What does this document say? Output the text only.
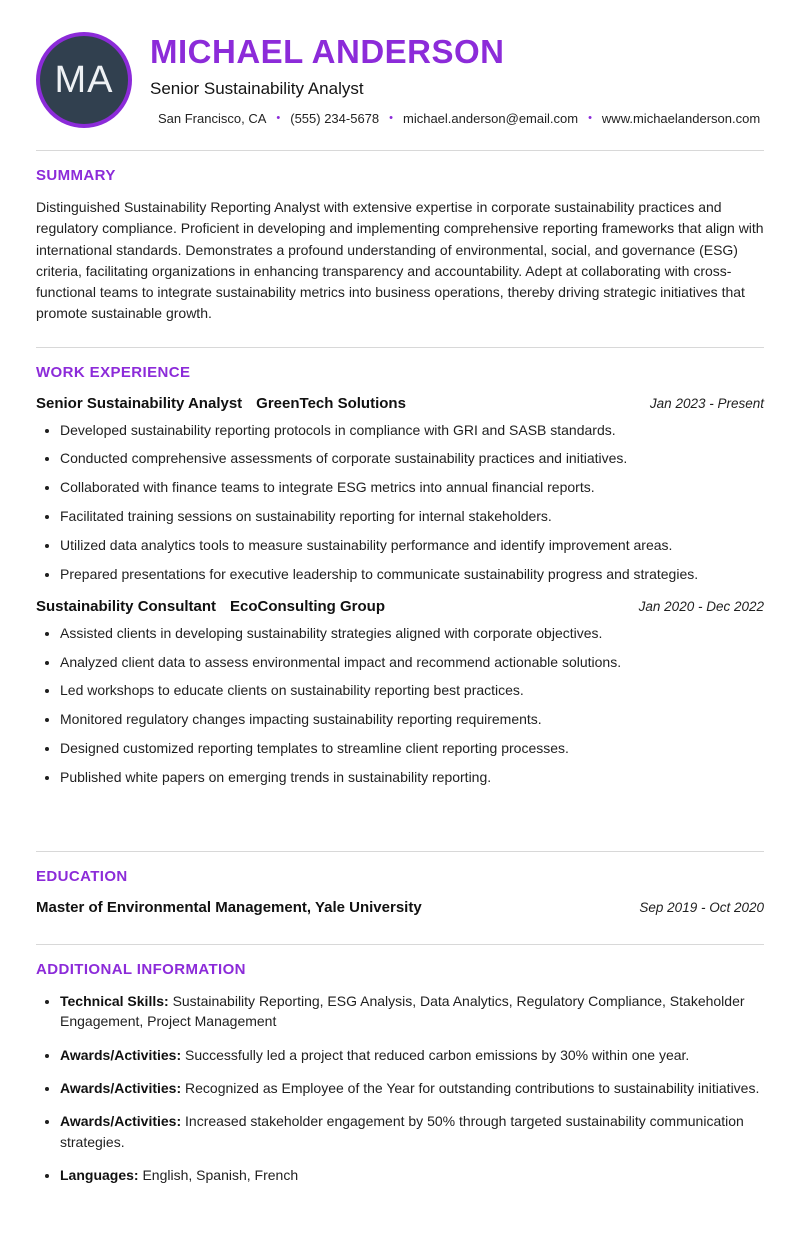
MA
MICHAEL ANDERSON
Senior Sustainability Analyst
San Francisco, CA • (555) 234-5678 • michael.anderson@email.com • www.michaelanderson.com
SUMMARY

Distinguished Sustainability Reporting Analyst with extensive expertise in corporate sustainability practices and regulatory compliance. Proficient in developing and implementing comprehensive reporting frameworks that align with international standards. Demonstrates a profound understanding of environmental, social, and governance (ESG) criteria, facilitating organizations in enhancing transparency and accountability. Adept at collaborating with cross-functional teams to integrate sustainability metrics into business operations, thereby driving strategic initiatives that promote sustainable growth.

WORK EXPERIENCE
Senior Sustainability Analyst GreenTech Solutions	Jan 2023 - Present
• Developed sustainability reporting protocols in compliance with GRI and SASB standards.
• Conducted comprehensive assessments of corporate sustainability practices and initiatives.
• Collaborated with finance teams to integrate ESG metrics into annual financial reports.
• Facilitated training sessions on sustainability reporting for internal stakeholders.
• Utilized data analytics tools to measure sustainability performance and identify improvement areas.
• Prepared presentations for executive leadership to communicate sustainability progress and strategies.
Sustainability Consultant EcoConsulting Group	Jan 2020 - Dec 2022
• Assisted clients in developing sustainability strategies aligned with corporate objectives.
• Analyzed client data to assess environmental impact and recommend actionable solutions.
• Led workshops to educate clients on sustainability reporting best practices.
• Monitored regulatory changes impacting sustainability reporting requirements.
• Designed customized reporting templates to streamline client reporting processes.
• Published white papers on emerging trends in sustainability reporting.
EDUCATION
Master of Environmental Management, Yale University	Sep 2019 - Oct 2020
ADDITIONAL INFORMATION
• Technical Skills: Sustainability Reporting, ESG Analysis, Data Analytics, Regulatory Compliance, Stakeholder Engagement, Project Management
• Awards/Activities: Successfully led a project that reduced carbon emissions by 30% within one year.
• Awards/Activities: Recognized as Employee of the Year for outstanding contributions to sustainability initiatives.
• Awards/Activities: Increased stakeholder engagement by 50% through targeted sustainability communication strategies.
• Languages: English, Spanish, French
